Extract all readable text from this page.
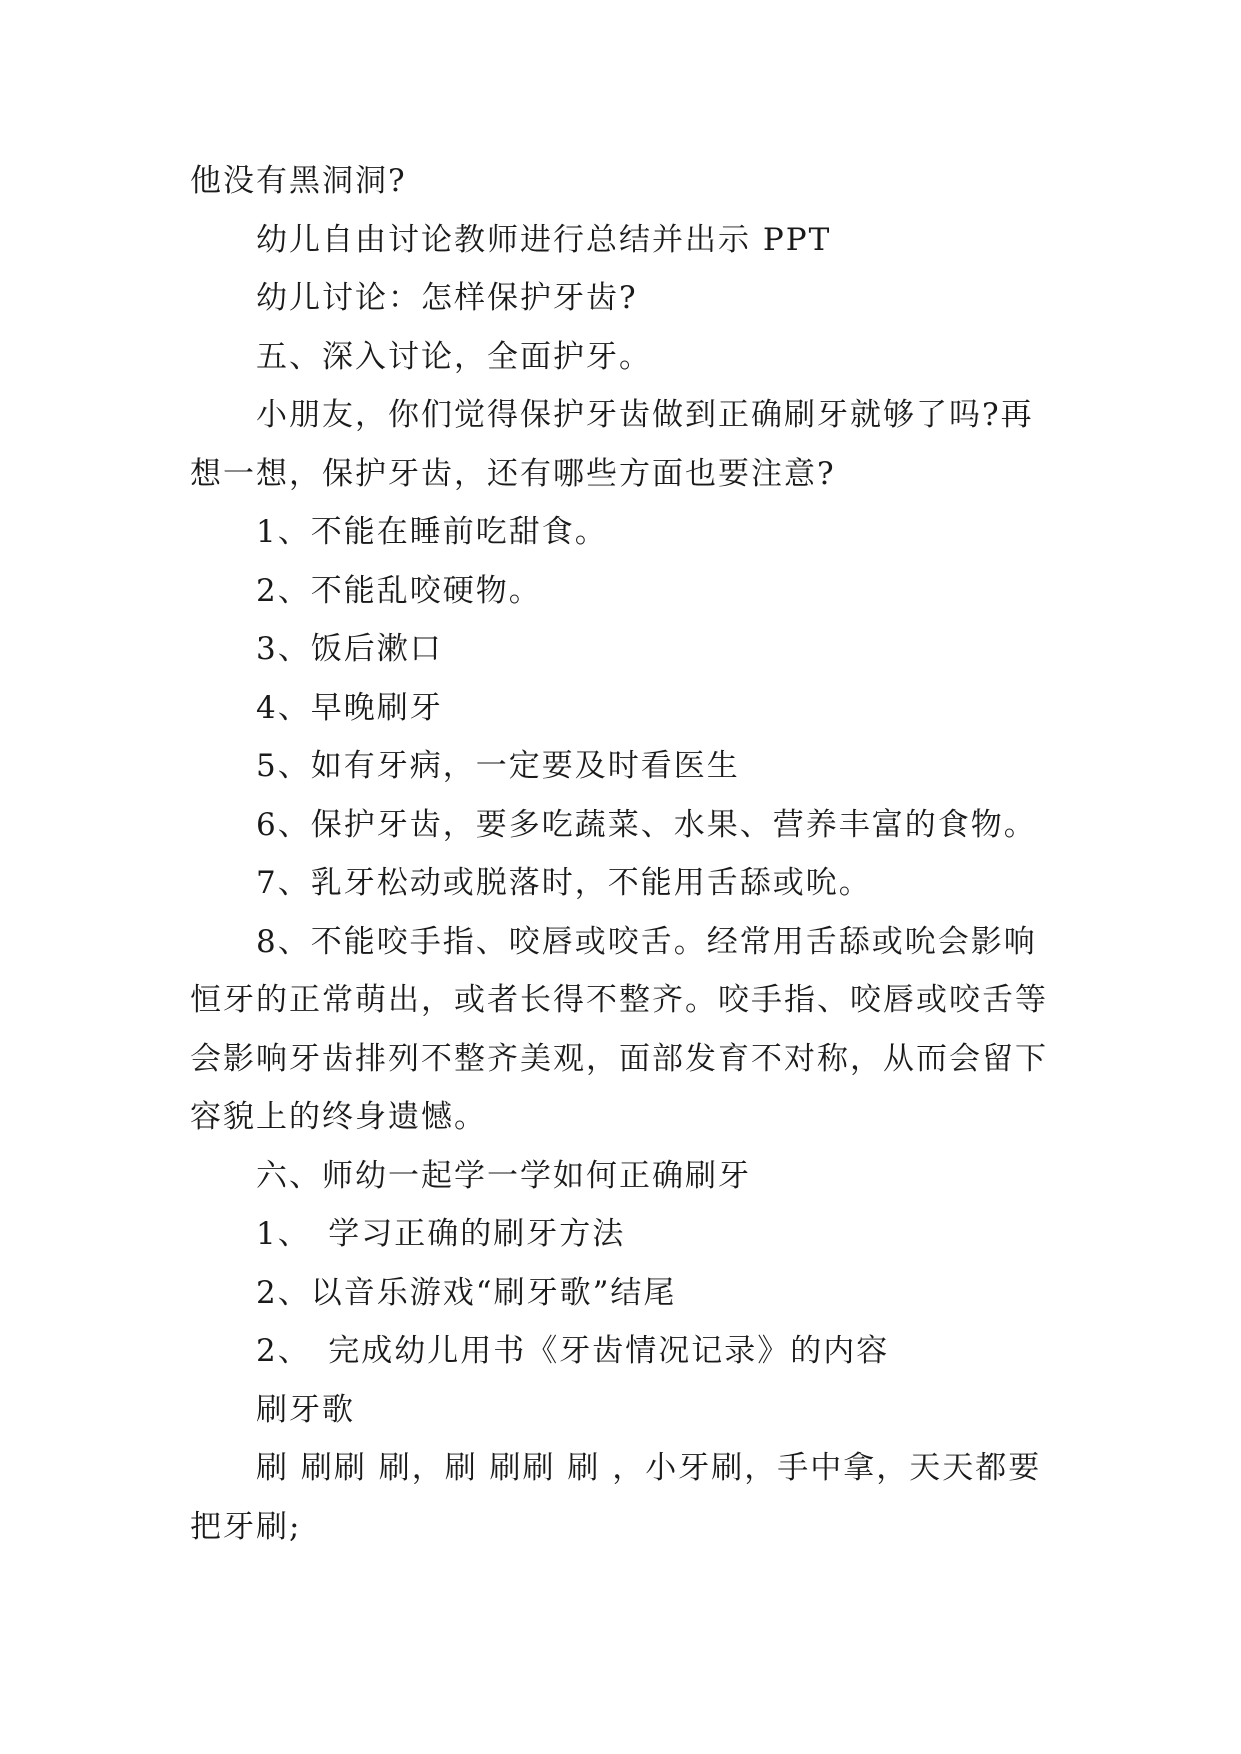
他没有黑洞洞?

幼儿自由讨论教师进行总结并出示 PPT

幼儿讨论：怎样保护牙齿?

五、深入讨论，全面护牙。

小朋友，你们觉得保护牙齿做到正确刷牙就够了吗?再想一想，保护牙齿，还有哪些方面也要注意?

1、不能在睡前吃甜食。

2、不能乱咬硬物。

3、饭后漱口

4、早晚刷牙

5、如有牙病，一定要及时看医生

6、保护牙齿，要多吃蔬菜、水果、营养丰富的食物。

7、乳牙松动或脱落时，不能用舌舔或吮。

8、不能咬手指、咬唇或咬舌。经常用舌舔或吮会影响恒牙的正常萌出，或者长得不整齐。咬手指、咬唇或咬舌等会影响牙齿排列不整齐美观，面部发育不对称，从而会留下容貌上的终身遗憾。

六、师幼一起学一学如何正确刷牙

1、　学习正确的刷牙方法

2、以音乐游戏“刷牙歌”结尾

2、　完成幼儿用书《牙齿情况记录》的内容

刷牙歌

刷 刷刷 刷，刷 刷刷 刷 ，小牙刷，手中拿，天天都要把牙刷;
